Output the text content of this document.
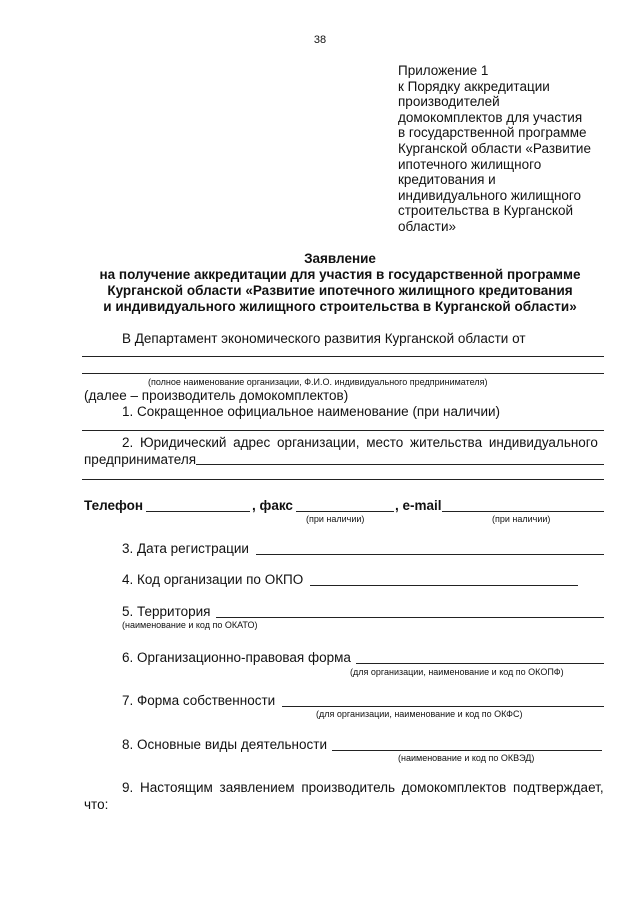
38
Приложение 1
к Порядку аккредитации
производителей
домокомплектов для участия
в государственной программе
Курганской области «Развитие
ипотечного жилищного
кредитования и
индивидуального жилищного
строительства в Курганской
области»
Заявление
на получение аккредитации для участия в государственной программе
Курганской области «Развитие ипотечного жилищного кредитования
и индивидуального жилищного строительства в Курганской области»
В Департамент экономического развития Курганской области от
(полное наименование организации, Ф.И.О. индивидуального предпринимателя)
(далее – производитель домокомплектов)
1. Сокращенное официальное наименование (при наличии)
2. Юридический адрес организации, место жительства индивидуального
предпринимателя
Телефон	, факс
(при наличии)
, e-mail
(при наличии)
3. Дата регистрации
4. Код организации по ОКПО
5. Территория
(наименование и код по ОКАТО)
6. Организационно-правовая форма
(для организации, наименование и код по ОКОПФ)
7. Форма собственности
(для организации, наименование и код по ОКФС)
8. Основные виды деятельности
(наименование и код по ОКВЭД)
9. Настоящим заявлением производитель домокомплектов подтверждает,
что:
